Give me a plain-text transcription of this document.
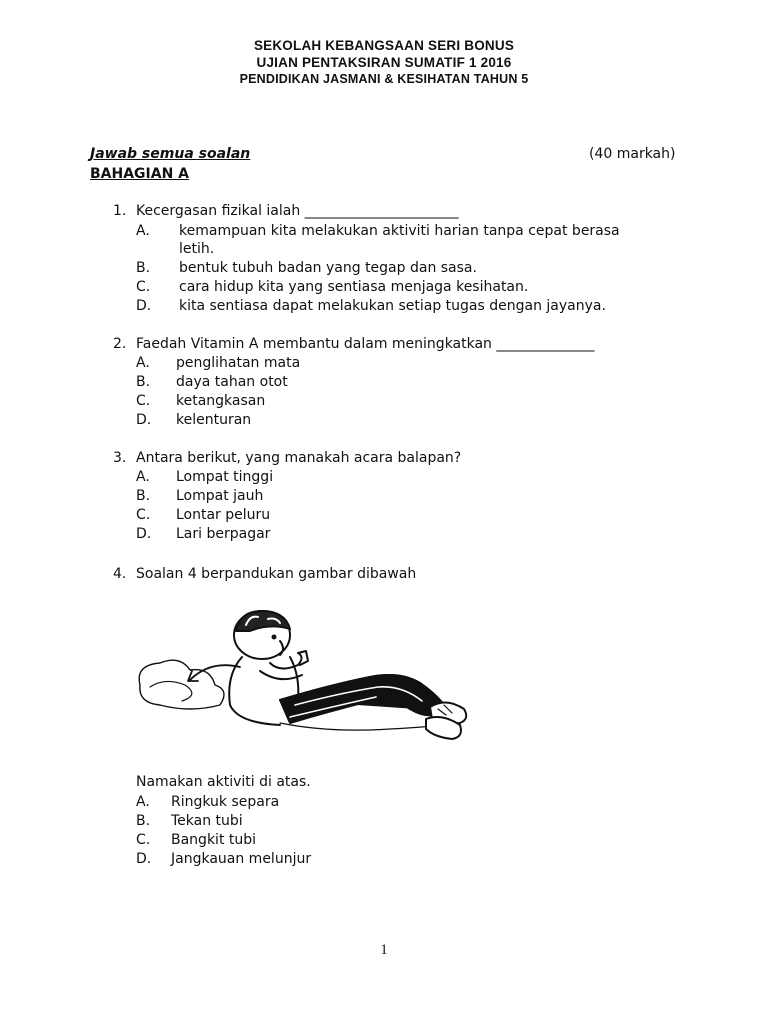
SEKOLAH KEBANGSAAN SERI BONUS
UJIAN PENTAKSIRAN SUMATIF 1 2016
PENDIDIKAN JASMANI & KESIHATAN TAHUN 5
Jawab semua soalan	(40 markah)
BAHAGIAN A
1. Kecergasan fizikal ialah ______________________
A. kemampuan kita melakukan aktiviti harian tanpa cepat berasa
letih.
B. bentuk tubuh badan yang tegap dan sasa.
C. cara hidup kita yang sentiasa menjaga kesihatan.
D. kita sentiasa dapat melakukan setiap tugas dengan jayanya.
2. Faedah Vitamin A membantu dalam meningkatkan ______________
A. penglihatan mata
B. daya tahan otot
C. ketangkasan
D. kelenturan
3. Antara berikut, yang manakah acara balapan?
A. Lompat tinggi
B. Lompat jauh
C. Lontar peluru
D. Lari berpagar
4. Soalan 4 berpandukan gambar dibawah
Namakan aktiviti di atas.
A. Ringkuk separa
B. Tekan tubi
C. Bangkit tubi
D. Jangkauan melunjur
1
